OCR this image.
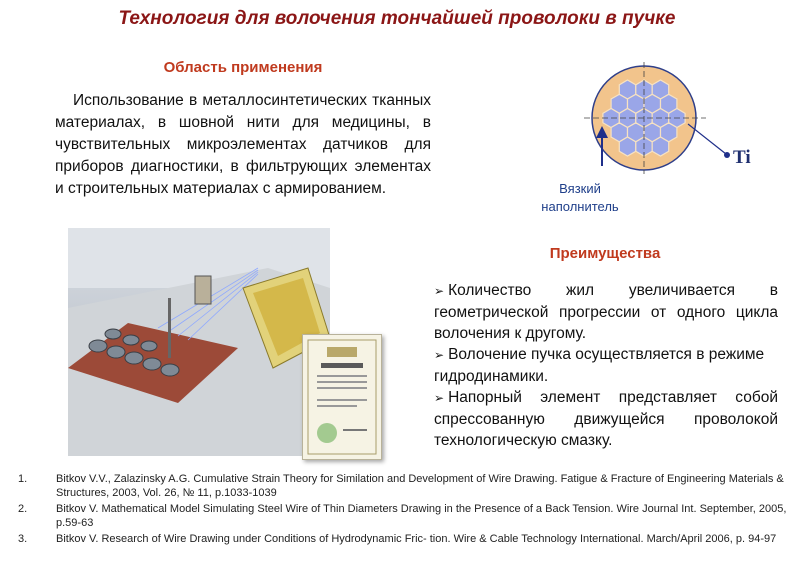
Технология для волочения тончайшей проволоки в пучке
Область применения
Использование в металлосинтетических тканных материалах, в шовной нити для медицины, в чувствительных микроэлементах датчиков для приборов диагностики, в фильтрующих элементах и строительных материалах с армированием.
Ti
Вязкий
наполнитель
Преимущества

➢ Количество жил увеличивается в геометрической прогрессии от одного цикла волочения к другому.

➢ Волочение пучка осуществляется в режиме гидродинамики.

➢ Напорный элемент представляет собой спрессованную движущейся проволокой технологическую смазку.

1.	Bitkov V.V., Zalazinsky A.G. Cumulative Strain Theory for Similation and Development of Wire Drawing. Fatigue & Fracture of Engineering Materials & Structures, 2003, Vol. 26, № 11, p.1033-1039
2.	Bitkov V. Mathematical Model Simulating Steel Wire of Thin Diameters Drawing in the Presence of a Back Tension. Wire Journal Int. September, 2005, p.59-63
3.	Bitkov V. Research of Wire Drawing under Conditions of Hydrodynamic Fric- tion. Wire & Cable Technology International. March/April 2006, p. 94-97
